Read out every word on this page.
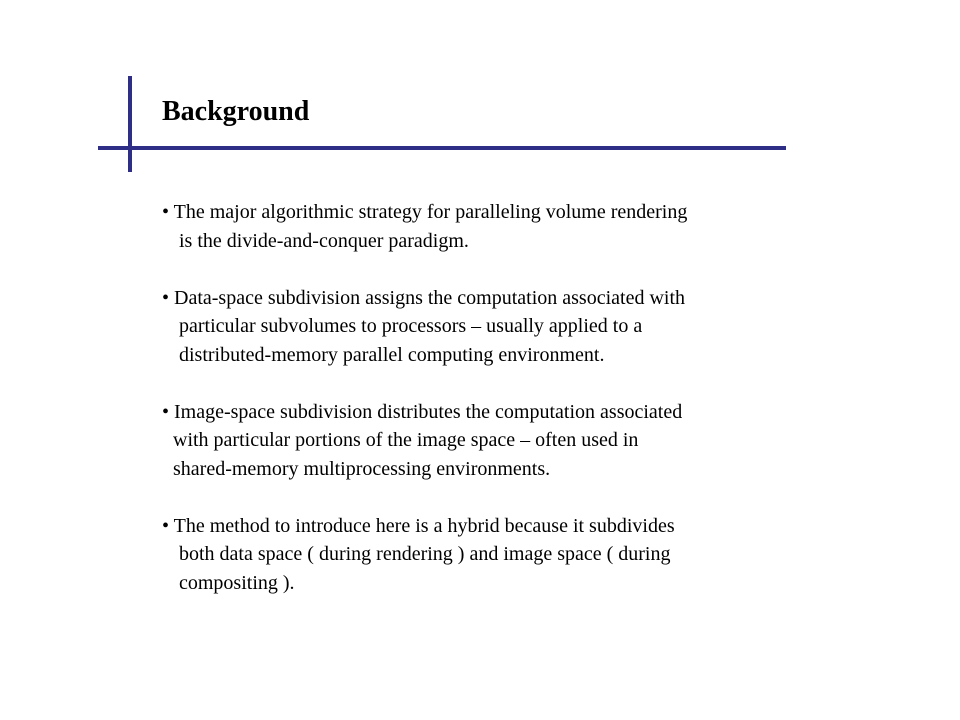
Background
• The major algorithmic strategy for paralleling volume rendering
is the divide-and-conquer paradigm.
• Data-space subdivision assigns the computation associated with
particular subvolumes to processors – usually applied to a
distributed-memory parallel computing environment.
• Image-space subdivision distributes the computation associated
with particular portions of the image space – often used in
shared-memory multiprocessing environments.
• The method to introduce here is a hybrid because it subdivides
both data space ( during rendering ) and image space ( during
compositing ).
